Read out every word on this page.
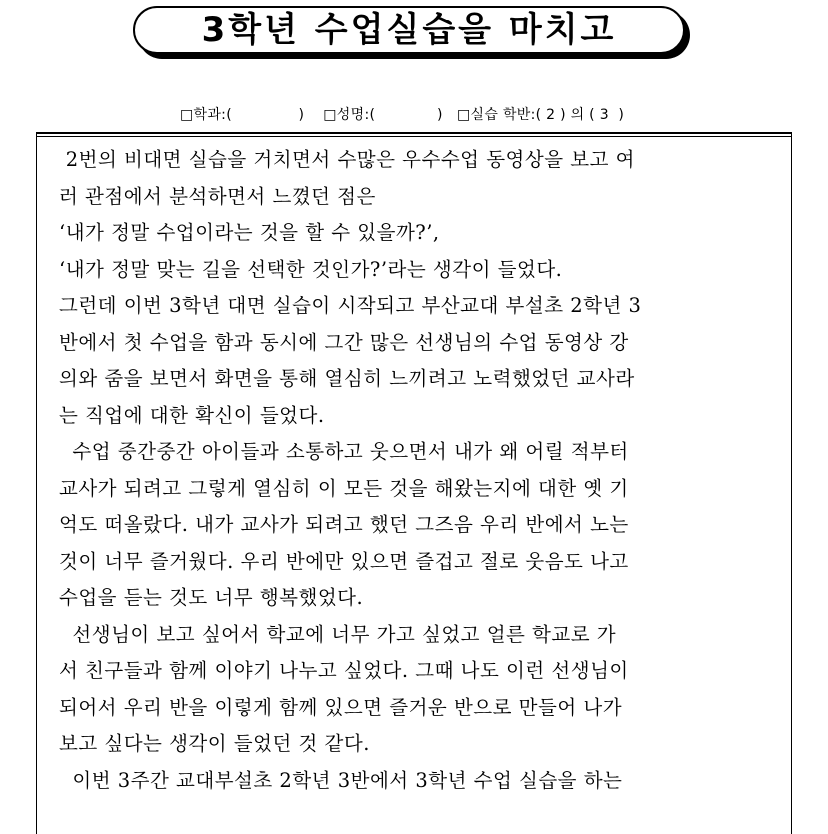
3학년 수업실습을 마치고
□학과:(              ) □성명:(             ) □실습 학반:( 2 ) 의 ( 3  )
2번의 비대면 실습을 거치면서 수많은 우수수업 동영상을 보고 여
러 관점에서 분석하면서 느꼈던 점은
‘내가 정말 수업이라는 것을 할 수 있을까?’,
‘내가 정말 맞는 길을 선택한 것인가?’라는 생각이 들었다.
그런데 이번 3학년 대면 실습이 시작되고 부산교대 부설초 2학년 3
반에서 첫 수업을 함과 동시에 그간 많은 선생님의 수업 동영상 강
의와 줌을 보면서 화면을 통해 열심히 느끼려고 노력했었던 교사라
는 직업에 대한 확신이 들었다.
수업 중간중간 아이들과 소통하고 웃으면서 내가 왜 어릴 적부터
교사가 되려고 그렇게 열심히 이 모든 것을 해왔는지에 대한 옛 기
억도 떠올랐다. 내가 교사가 되려고 했던 그즈음 우리 반에서 노는
것이 너무 즐거웠다. 우리 반에만 있으면 즐겁고 절로 웃음도 나고
수업을 듣는 것도 너무 행복했었다.
선생님이 보고 싶어서 학교에 너무 가고 싶었고 얼른 학교로 가
서 친구들과 함께 이야기 나누고 싶었다. 그때 나도 이런 선생님이
되어서 우리 반을 이렇게 함께 있으면 즐거운 반으로 만들어 나가
보고 싶다는 생각이 들었던 것 같다.
이번 3주간 교대부설초 2학년 3반에서 3학년 수업 실습을 하는
